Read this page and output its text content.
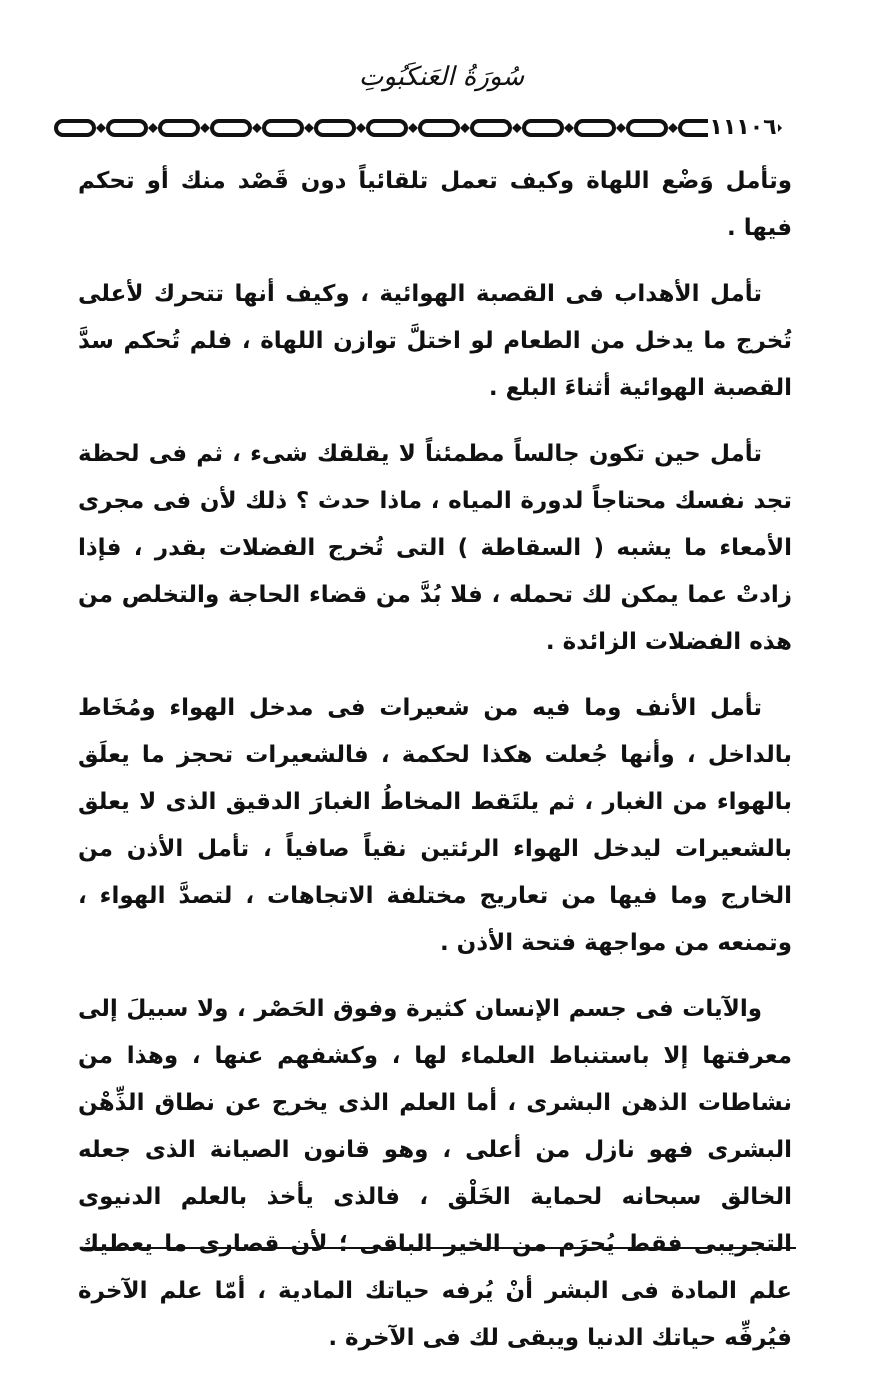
سُورَةُ العَنكَبُوتِ
١١١٠٦

وتأمل وَضْع اللهاة وكيف تعمل تلقائياً دون قَصْد منك أو تحكم فيها .

تأمل الأهداب فى القصبة الهوائية ، وكيف أنها تتحرك لأعلى تُخرج ما يدخل من الطعام لو اختلَّ توازن اللهاة ، فلم تُحكم سدَّ القصبة الهوائية أثناءَ البلع .

تأمل حين تكون جالساً مطمئناً لا يقلقك شىء ، ثم فى لحظة تجد نفسك محتاجاً لدورة المياه ، ماذا حدث ؟ ذلك لأن فى مجرى الأمعاء ما يشبه ( السقاطة ) التى تُخرج الفضلات بقدر ، فإذا زادتْ عما يمكن لك تحمله ، فلا بُدَّ من قضاء الحاجة والتخلص من هذه الفضلات الزائدة .

تأمل الأنف وما فيه من شعيرات فى مدخل الهواء ومُخَاط بالداخل ، وأنها جُعلت هكذا لحكمة ، فالشعيرات تحجز ما يعلَق بالهواء من الغبار ، ثم يلتَقط المخاطُ الغبارَ الدقيق الذى لا يعلق بالشعيرات ليدخل الهواء الرئتين نقياً صافياً ، تأمل الأذن من الخارج وما فيها من تعاريج مختلفة الاتجاهات ، لتصدَّ الهواء ، وتمنعه من مواجهة فتحة الأذن .

والآيات فى جسم الإنسان كثيرة وفوق الحَصْر ، ولا سبيلَ إلى معرفتها إلا باستنباط العلماء لها ، وكشفهم عنها ، وهذا من نشاطات الذهن البشرى ، أما العلم الذى يخرج عن نطاق الذِّهْن البشرى فهو نازل من أعلى ، وهو قانون الصيانة الذى جعله الخالق سبحانه لحماية الخَلْق ، فالذى يأخذ بالعلم الدنيوى التجريبى فقط يُحرَم من الخير الباقى ؛ لأن قصارى ما يعطيك علم المادة فى البشر أنْ يُرفه حياتك المادية ، أمّا علم الآخرة فيُرفِّه حياتك الدنيا ويبقى لك فى الآخرة .
